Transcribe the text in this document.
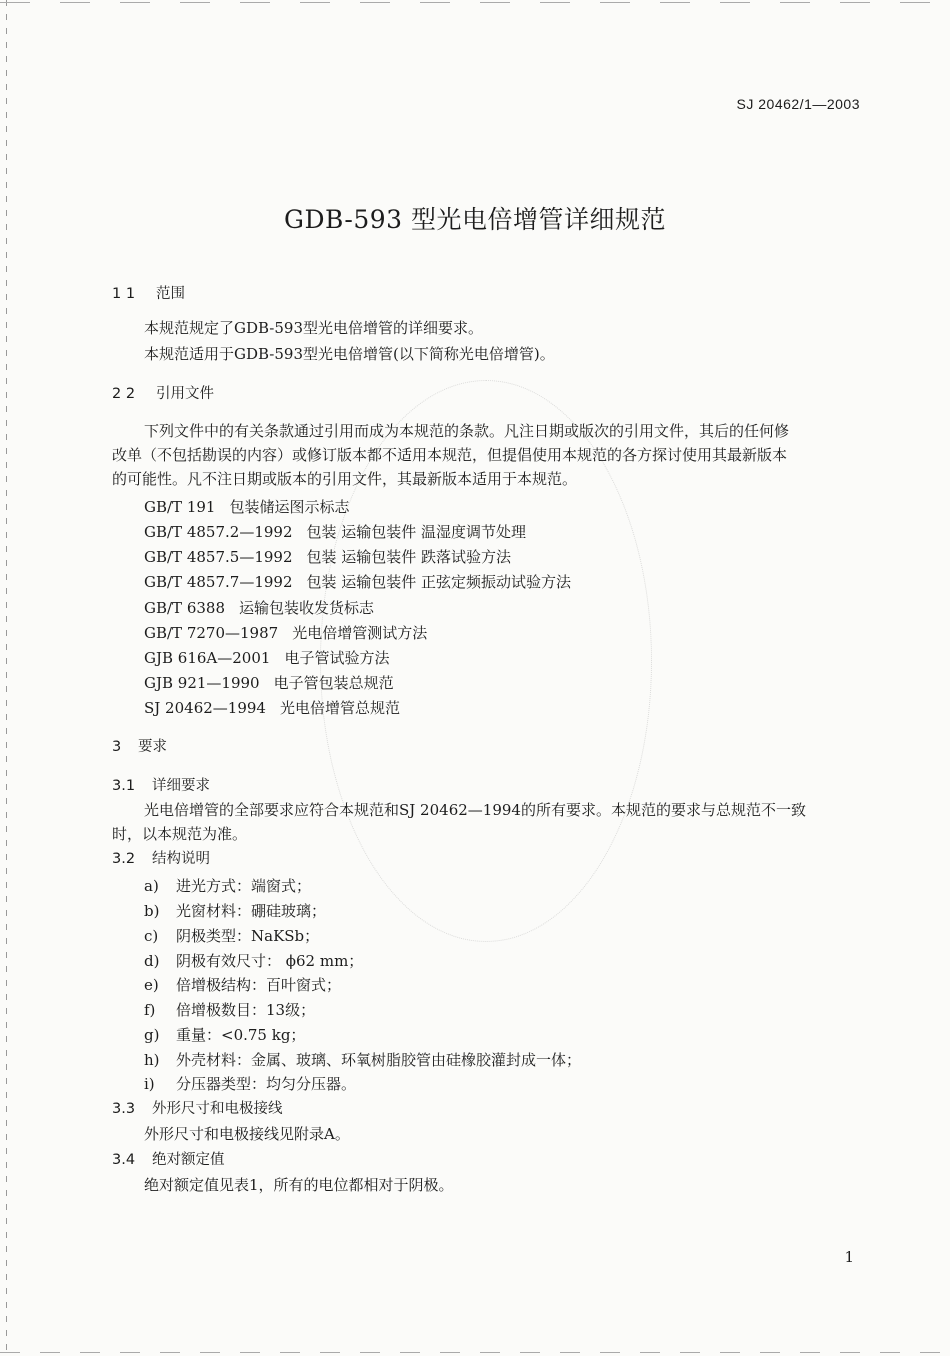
SJ 20462/1—2003
GDB-593 型光电倍增管详细规范
1 1 范围
本规范规定了GDB-593型光电倍增管的详细要求。
本规范适用于GDB-593型光电倍增管(以下简称光电倍增管)。
2 2 引用文件
下列文件中的有关条款通过引用而成为本规范的条款。凡注日期或版次的引用文件，其后的任何修
改单（不包括勘误的内容）或修订版本都不适用本规范，但提倡使用本规范的各方探讨使用其最新版本
的可能性。凡不注日期或版本的引用文件，其最新版本适用于本规范。
GB/T 191 包装储运图示标志
GB/T 4857.2—1992 包装 运输包装件 温湿度调节处理
GB/T 4857.5—1992 包装 运输包装件 跌落试验方法
GB/T 4857.7—1992 包装 运输包装件 正弦定频振动试验方法
GB/T 6388 运输包装收发货标志
GB/T 7270—1987 光电倍增管测试方法
GJB 616A—2001 电子管试验方法
GJB 921—1990 电子管包装总规范
SJ 20462—1994 光电倍增管总规范
3 要求
3.1 详细要求
光电倍增管的全部要求应符合本规范和SJ 20462—1994的所有要求。本规范的要求与总规范不一致
时，以本规范为准。
3.2 结构说明
a) 进光方式：端窗式；
b) 光窗材料：硼硅玻璃；
c) 阴极类型：NaKSb；
d) 阴极有效尺寸： ϕ62 mm；
e) 倍增极结构：百叶窗式；
f) 倍增极数目：13级；
g) 重量：<0.75 kg；
h) 外壳材料：金属、玻璃、环氧树脂胶管由硅橡胶灌封成一体；
i) 分压器类型：均匀分压器。
3.3 外形尺寸和电极接线
外形尺寸和电极接线见附录A。
3.4 绝对额定值
绝对额定值见表1，所有的电位都相对于阴极。
1
